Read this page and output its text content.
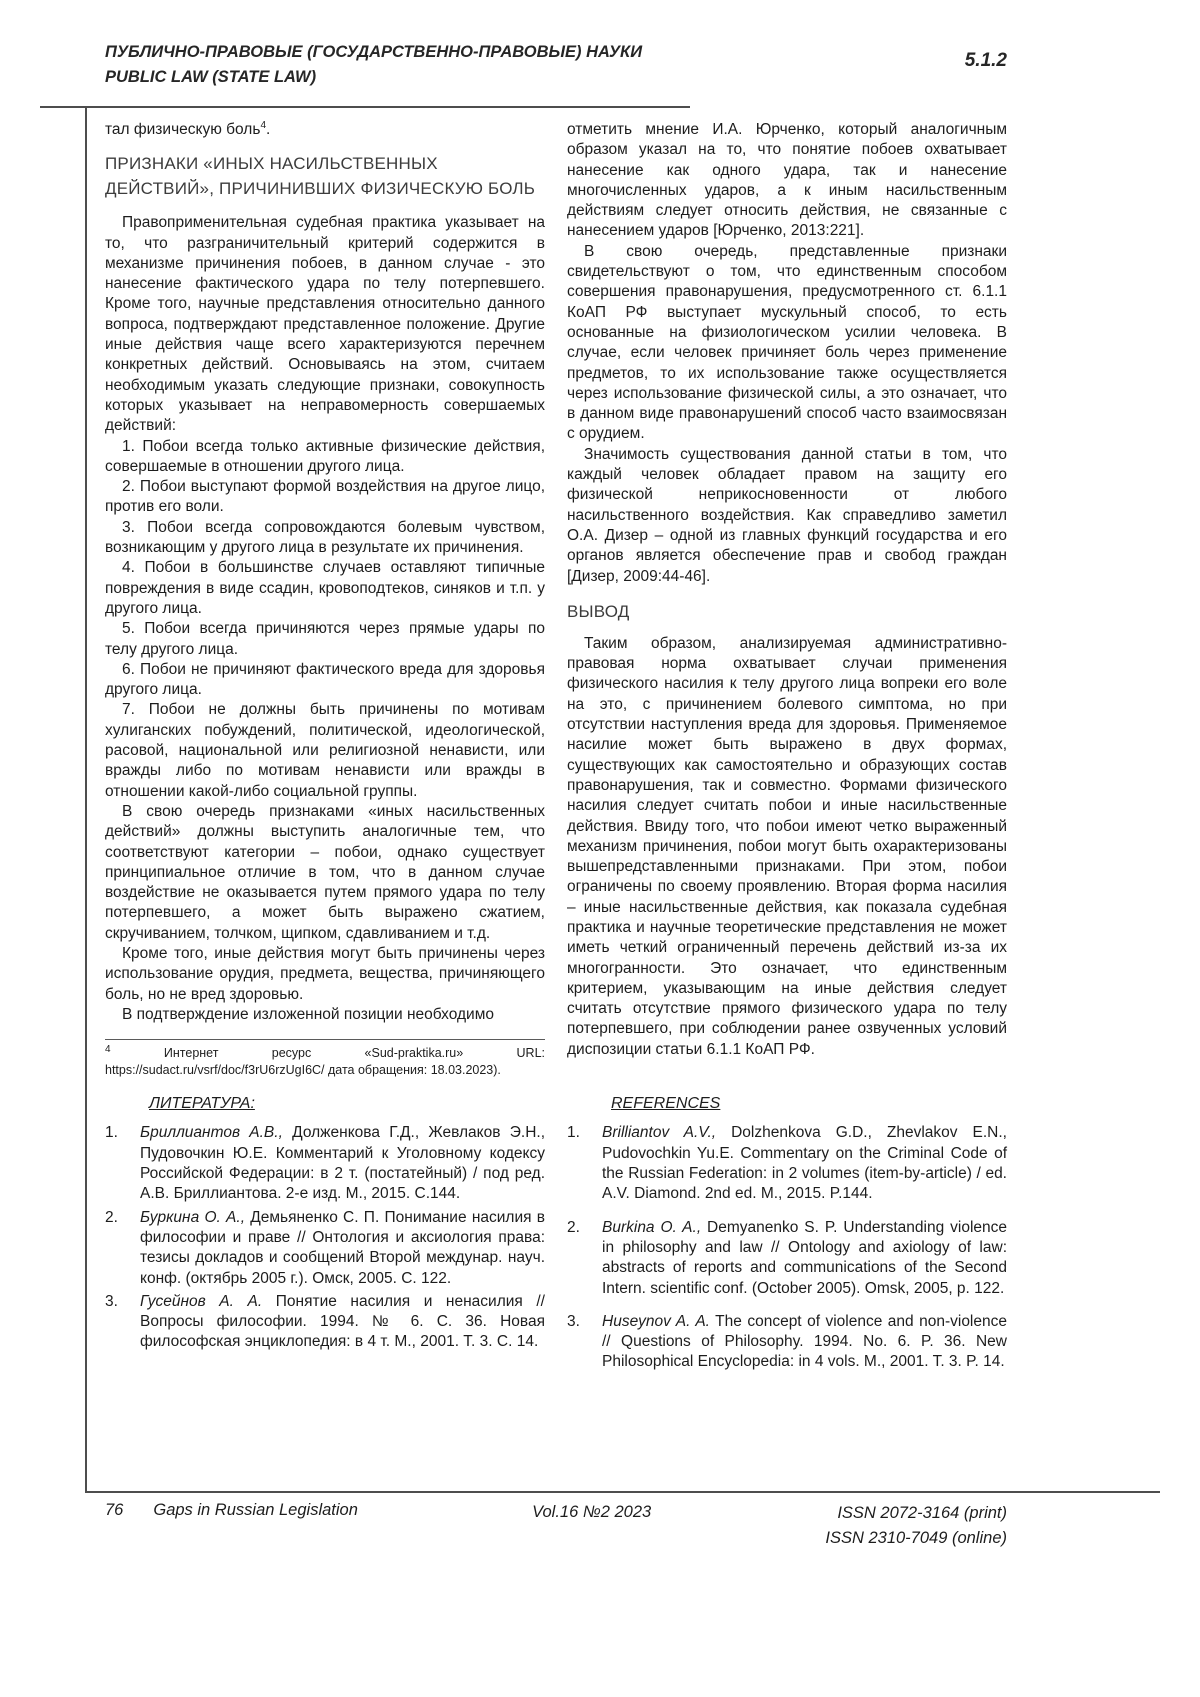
ПУБЛИЧНО-ПРАВОВЫЕ (ГОСУДАРСТВЕННО-ПРАВОВЫЕ) НАУКИ
PUBLIC LAW (STATE LAW)
5.1.2

тал физическую боль$^4$.

ПРИЗНАКИ «ИНЫХ НАСИЛЬСТВЕННЫХ ДЕЙСТВИЙ», ПРИЧИНИВШИХ ФИЗИЧЕСКУЮ БОЛЬ

Правоприменительная судебная практика указывает на то, что разграничительный критерий содержится в механизме причинения побоев, в данном случае - это нанесение фактического удара по телу потерпевшего. Кроме того, научные представления относительно данного вопроса, подтверждают представленное положение. Другие иные действия чаще всего характеризуются перечнем конкретных действий. Основываясь на этом, считаем необходимым указать следующие признаки, совокупность которых указывает на неправомерность совершаемых действий:

1. Побои всегда только активные физические действия, совершаемые в отношении другого лица.

2. Побои выступают формой воздействия на другое лицо, против его воли.

3. Побои всегда сопровождаются болевым чувством, возникающим у другого лица в результате их причинения.

4. Побои в большинстве случаев оставляют типичные повреждения в виде ссадин, кровоподтеков, синяков и т.п. у другого лица.

5. Побои всегда причиняются через прямые удары по телу другого лица.

6. Побои не причиняют фактического вреда для здоровья другого лица.

7. Побои не должны быть причинены по мотивам хулиганских побуждений, политической, идеологической, расовой, национальной или религиозной ненависти, или вражды либо по мотивам ненависти или вражды в отношении какой-либо социальной группы.

В свою очередь признаками «иных насильственных действий» должны выступить аналогичные тем, что соответствуют категории – побои, однако существует принципиальное отличие в том, что в данном случае воздействие не оказывается путем прямого удара по телу потерпевшего, а может быть выражено сжатием, скручиванием, толчком, щипком, сдавливанием и т.д.

Кроме того, иные действия могут быть причинены через использование орудия, предмета, вещества, причиняющего боль, но не вред здоровью.

В подтверждение изложенной позиции необходимо

$^4$	Интернет ресурс «Sud-praktika.ru» URL: https://sudact.ru/vsrf/doc/f3rU6rzUgI6C/ дата обращения: 18.03.2023).

отметить мнение И.А. Юрченко, который аналогичным образом указал на то, что понятие побоев охватывает нанесение как одного удара, так и нанесение многочисленных ударов, а к иным насильственным действиям следует относить действия, не связанные с нанесением ударов [Юрченко, 2013:221].

В свою очередь, представленные признаки свидетельствуют о том, что единственным способом совершения правонарушения, предусмотренного ст. 6.1.1 КоАП РФ выступает мускульный способ, то есть основанные на физиологическом усилии человека. В случае, если человек причиняет боль через применение предметов, то их использование также осуществляется через использование физической силы, а это означает, что в данном виде правонарушений способ часто взаимосвязан с орудием.

Значимость существования данной статьи в том, что каждый человек обладает правом на защиту его физической неприкосновенности от любого насильственного воздействия. Как справедливо заметил О.А. Дизер – одной из главных функций государства и его органов является обеспечение прав и свобод граждан [Дизер, 2009:44-46].

ВЫВОД

Таким образом, анализируемая административно-правовая норма охватывает случаи применения физического насилия к телу другого лица вопреки его воле на это, с причинением болевого симптома, но при отсутствии наступления вреда для здоровья. Применяемое насилие может быть выражено в двух формах, существующих как самостоятельно и образующих состав правонарушения, так и совместно. Формами физического насилия следует считать побои и иные насильственные действия. Ввиду того, что побои имеют четко выраженный механизм причинения, побои могут быть охарактеризованы вышепредставленными признаками. При этом, побои ограничены по своему проявлению. Вторая форма насилия – иные насильственные действия, как показала судебная практика и научные теоретические представления не может иметь четкий ограниченный перечень действий из-за их многогранности. Это означает, что единственным критерием, указывающим на иные действия следует считать отсутствие прямого физического удара по телу потерпевшего, при соблюдении ранее озвученных условий диспозиции статьи 6.1.1 КоАП РФ.

ЛИТЕРАТУРА:
1.	Бриллиантов А.В., Долженкова Г.Д., Жевлаков Э.Н., Пудовочкин Ю.Е. Комментарий к Уголовному кодексу Российской Федерации: в 2 т. (постатейный) / под ред. А.В. Бриллиантова. 2-е изд. М., 2015. С.144.
2.	Буркина О. А., Демьяненко С. П. Понимание насилия в философии и праве // Онтология и аксиология права: тезисы докладов и сообщений Второй междунар. науч. конф. (октябрь 2005 г.). Омск, 2005. С. 122.
3.	Гусейнов А. А. Понятие насилия и ненасилия // Вопросы философии. 1994. № 6. С. 36. Новая философская энциклопедия: в 4 т. М., 2001. Т. 3. С. 14.
REFERENCES
1.	Brilliantov A.V., Dolzhenkova G.D., Zhevlakov E.N., Pudovochkin Yu.E. Commentary on the Criminal Code of the Russian Federation: in 2 volumes (item-by-article) / ed. A.V. Diamond. 2nd ed. M., 2015. P.144.
2.	Burkina O. A., Demyanenko S. P. Understanding violence in philosophy and law // Ontology and axiology of law: abstracts of reports and communications of the Second Intern. scientific conf. (October 2005). Omsk, 2005, p. 122.
3.	Huseynov A. A. The concept of violence and non-violence // Questions of Philosophy. 1994. No. 6. P. 36. New Philosophical Encyclopedia: in 4 vols. M., 2001. T. 3. P. 14.
76 Gaps in Russian Legislation	Vol.16 №2 2023	ISSN 2072-3164 (print)
ISSN 2310-7049 (online)
